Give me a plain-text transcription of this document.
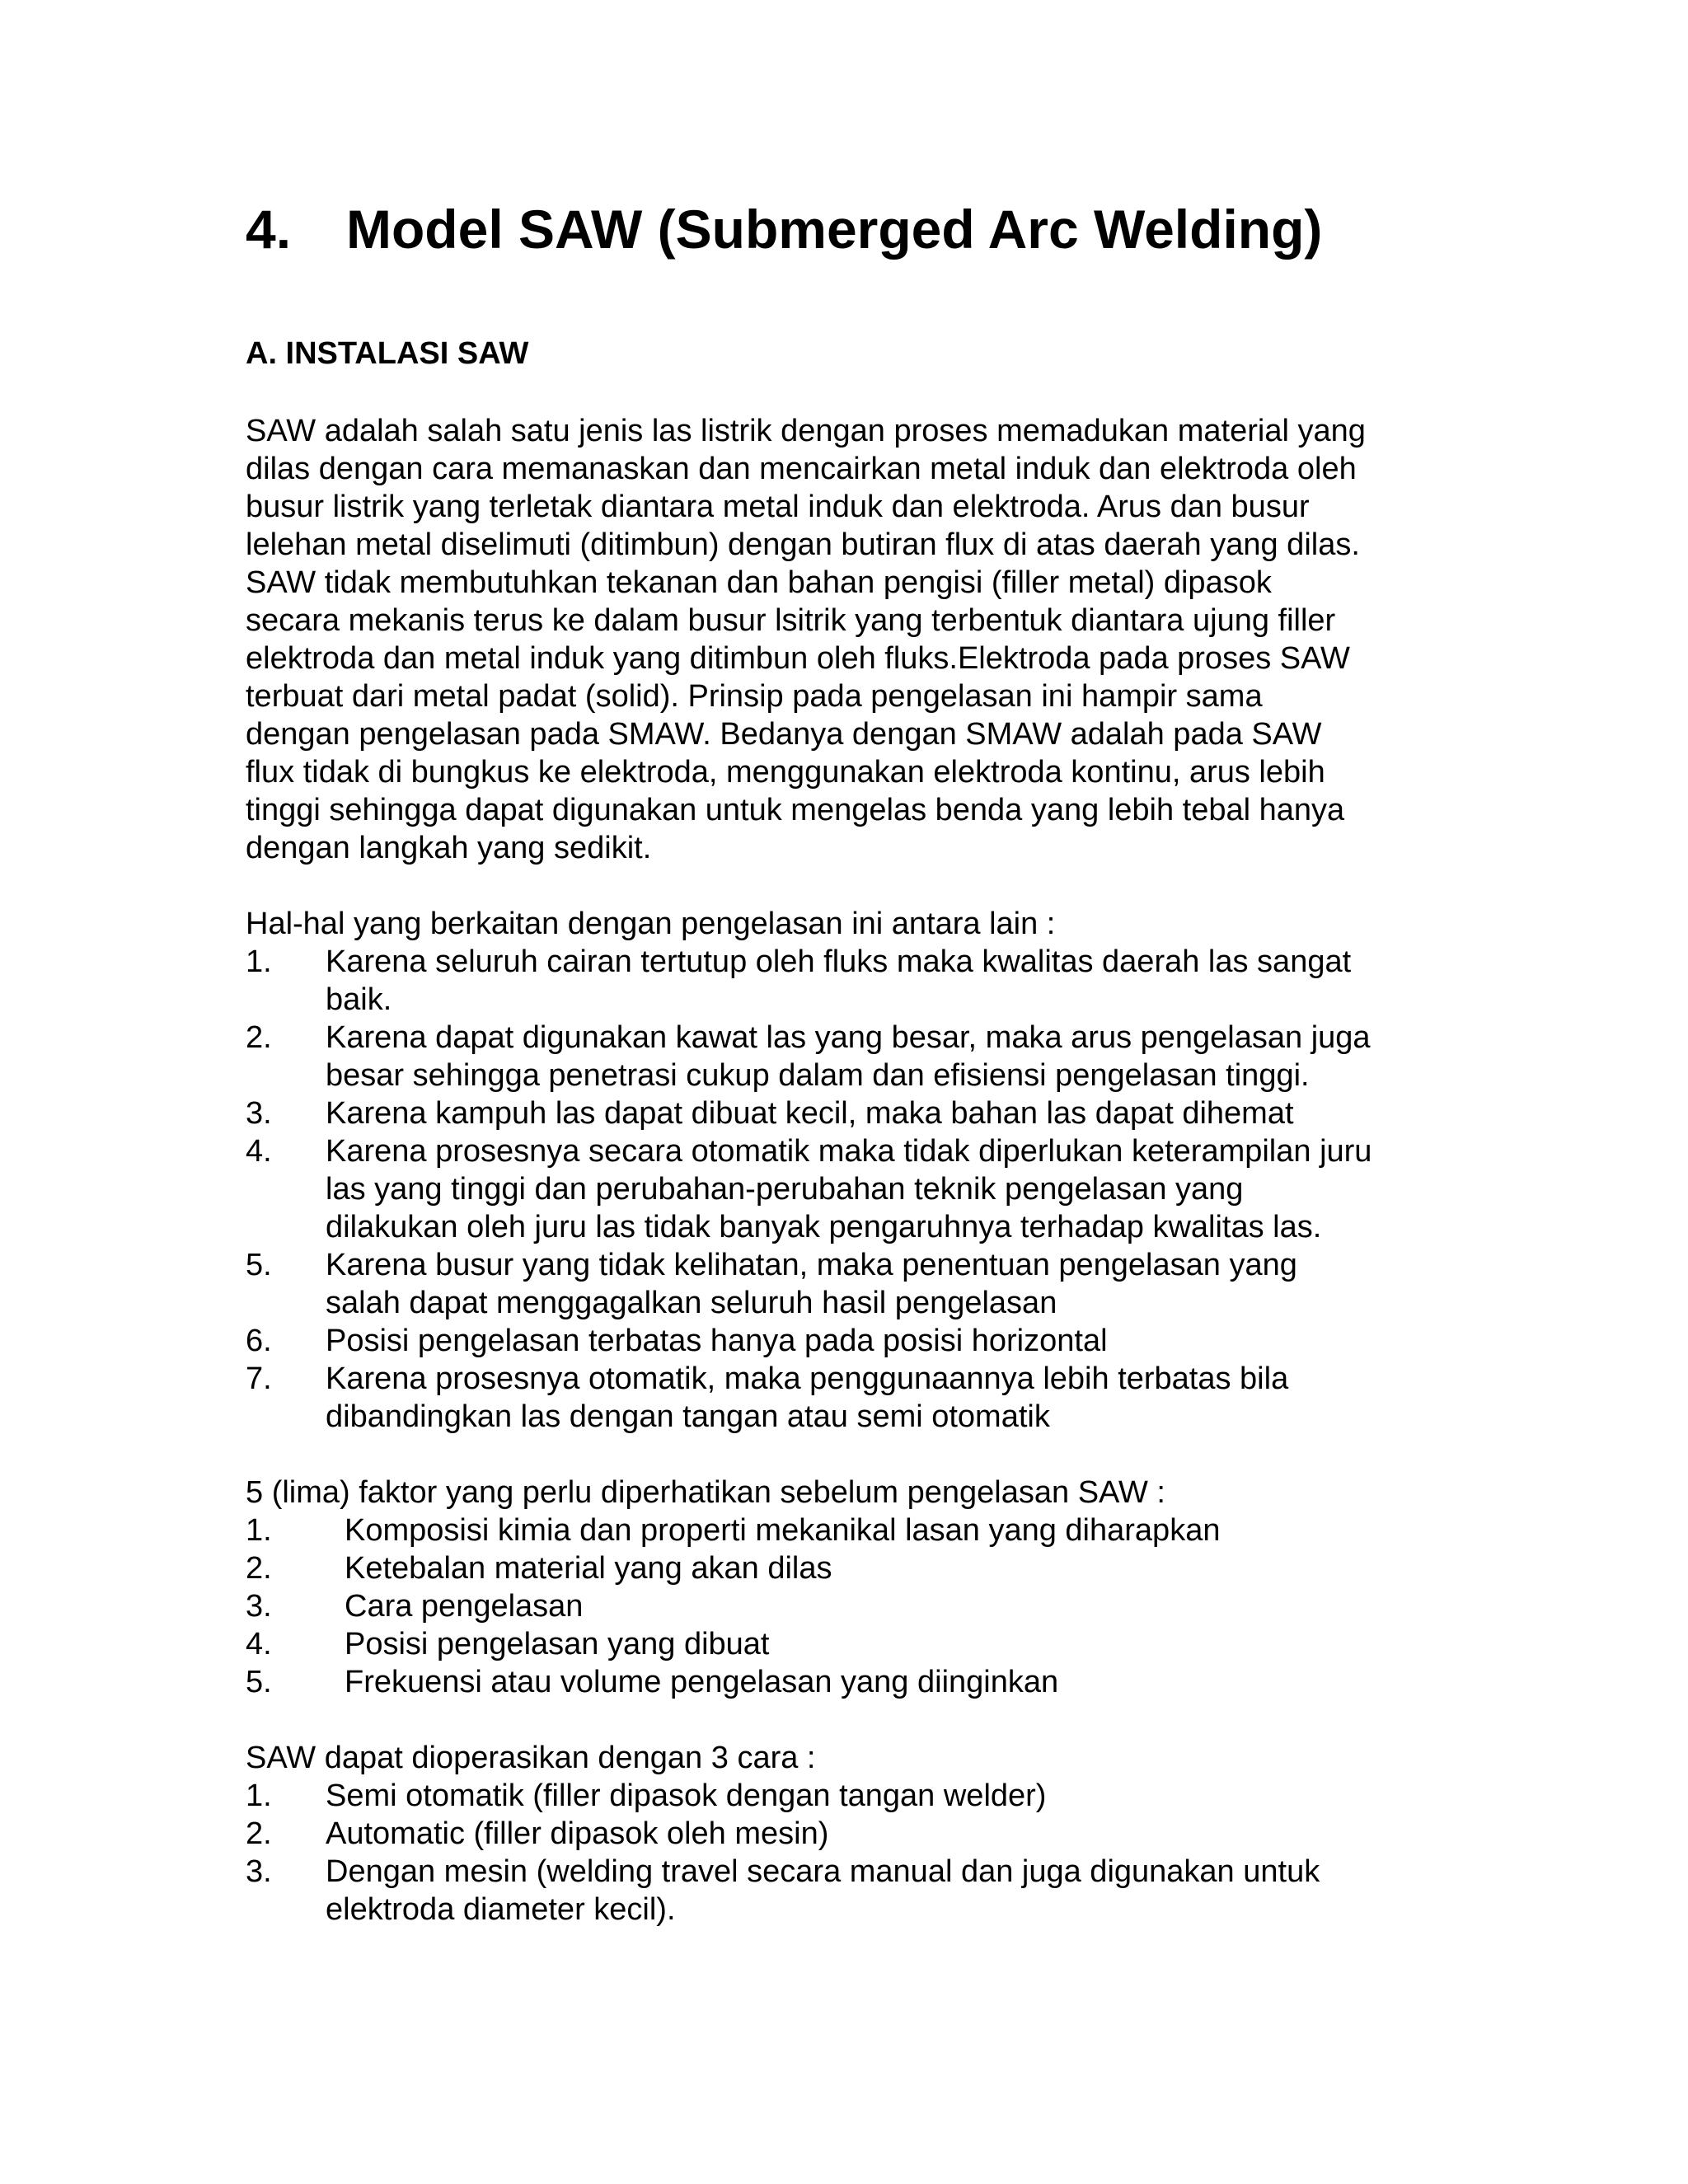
4. Model SAW (Submerged Arc Welding)
A. INSTALASI SAW

SAW adalah salah satu jenis las listrik dengan proses memadukan material yang
dilas dengan cara memanaskan dan mencairkan metal induk dan elektroda oleh
busur listrik yang terletak diantara metal induk dan elektroda. Arus dan busur
lelehan metal diselimuti (ditimbun) dengan butiran flux di atas daerah yang dilas.
SAW tidak membutuhkan tekanan dan bahan pengisi (filler metal) dipasok
secara mekanis terus ke dalam busur lsitrik yang terbentuk diantara ujung filler
elektroda dan metal induk yang ditimbun oleh fluks.Elektroda pada proses SAW
terbuat dari metal padat (solid). Prinsip pada pengelasan ini hampir sama
dengan pengelasan pada SMAW. Bedanya dengan SMAW adalah pada SAW
flux tidak di bungkus ke elektroda, menggunakan elektroda kontinu, arus lebih
tinggi sehingga dapat digunakan untuk mengelas benda yang lebih tebal hanya
dengan langkah yang sedikit.

Hal-hal yang berkaitan dengan pengelasan ini antara lain :

1.	Karena seluruh cairan tertutup oleh fluks maka kwalitas daerah las sangat
baik.
2.	Karena dapat digunakan kawat las yang besar, maka arus pengelasan juga
besar sehingga penetrasi cukup dalam dan efisiensi pengelasan tinggi.
3.	Karena kampuh las dapat dibuat kecil, maka bahan las dapat dihemat
4.	Karena prosesnya secara otomatik maka tidak diperlukan keterampilan juru
las yang tinggi dan perubahan-perubahan teknik pengelasan yang
dilakukan oleh juru las tidak banyak pengaruhnya terhadap kwalitas las.
5.	Karena busur yang tidak kelihatan, maka penentuan pengelasan yang
salah dapat menggagalkan seluruh hasil pengelasan
6.	Posisi pengelasan terbatas hanya pada posisi horizontal
7.	Karena prosesnya otomatik, maka penggunaannya lebih terbatas bila
dibandingkan las dengan tangan atau semi otomatik

5 (lima) faktor yang perlu diperhatikan sebelum pengelasan SAW :

1.	Komposisi kimia dan properti mekanikal lasan yang diharapkan
2.	Ketebalan material yang akan dilas
3.	Cara pengelasan
4.	Posisi pengelasan yang dibuat
5.	Frekuensi atau volume pengelasan yang diinginkan

SAW dapat dioperasikan dengan 3 cara :

1.	Semi otomatik (filler dipasok dengan tangan welder)
2.	Automatic (filler dipasok oleh mesin)
3.	Dengan mesin (welding travel secara manual dan juga digunakan untuk
elektroda diameter kecil).
